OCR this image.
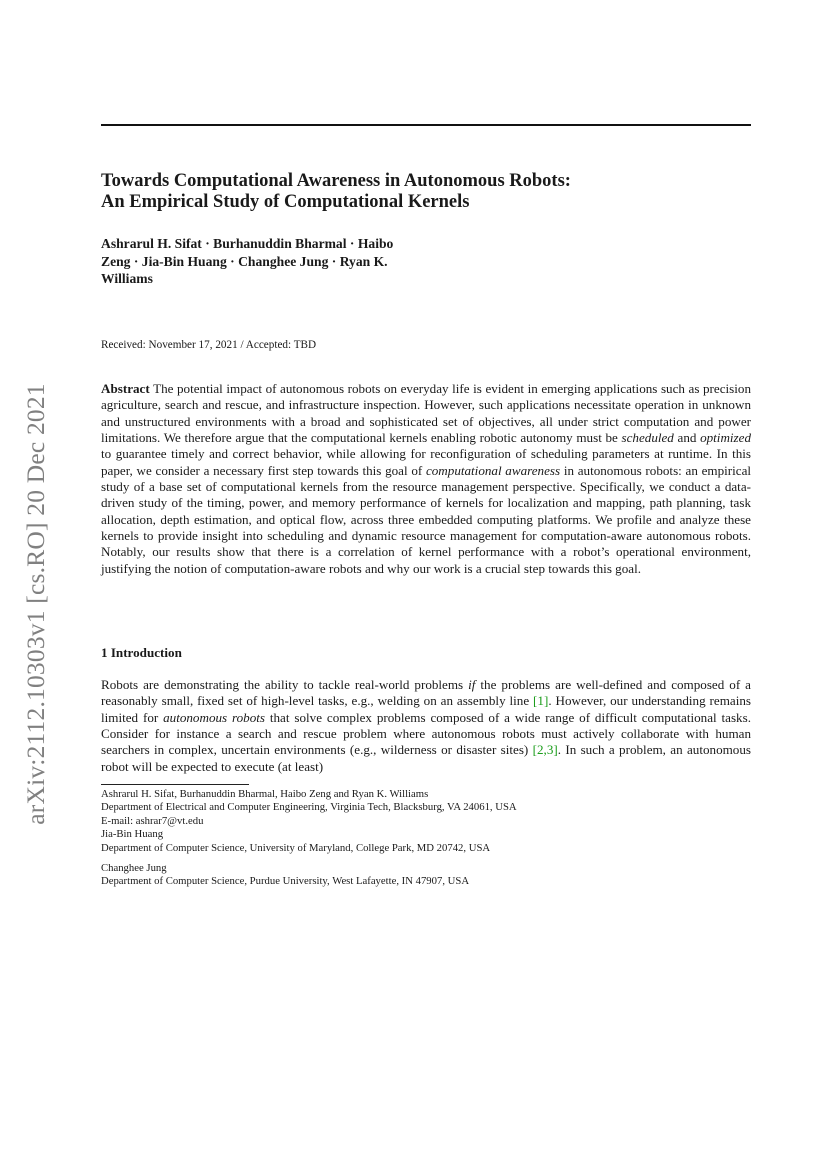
arXiv:2112.10303v1 [cs.RO] 20 Dec 2021
Towards Computational Awareness in Autonomous Robots:
An Empirical Study of Computational Kernels
Ashrarul H. Sifat · Burhanuddin Bharmal · Haibo
Zeng · Jia-Bin Huang · Changhee Jung · Ryan K.
Williams
Received: November 17, 2021 / Accepted: TBD
Abstract The potential impact of autonomous robots on everyday life is evident in emerging applications such as precision agriculture, search and rescue, and infrastructure inspection. However, such applications necessitate operation in unknown and unstructured environments with a broad and sophisticated set of objectives, all under strict computation and power limitations. We therefore argue that the computational kernels enabling robotic autonomy must be scheduled and optimized to guarantee timely and correct behavior, while allowing for reconfiguration of scheduling parameters at runtime. In this paper, we consider a necessary first step towards this goal of computational awareness in autonomous robots: an empirical study of a base set of computational kernels from the resource management perspective. Specifically, we conduct a data-driven study of the timing, power, and memory performance of kernels for localization and mapping, path planning, task allocation, depth estimation, and optical flow, across three embedded computing platforms. We profile and analyze these kernels to provide insight into scheduling and dynamic resource management for computation-aware autonomous robots. Notably, our results show that there is a correlation of kernel performance with a robot’s operational environment, justifying the notion of computation-aware robots and why our work is a crucial step towards this goal.
1 Introduction
Robots are demonstrating the ability to tackle real-world problems if the problems are well-defined and composed of a reasonably small, fixed set of high-level tasks, e.g., welding on an assembly line [1]. However, our understanding remains limited for autonomous robots that solve complex problems composed of a wide range of difficult computational tasks. Consider for instance a search and rescue problem where autonomous robots must actively collaborate with human searchers in complex, uncertain environments (e.g., wilderness or disaster sites) [2,3]. In such a problem, an autonomous robot will be expected to execute (at least)
Ashrarul H. Sifat, Burhanuddin Bharmal, Haibo Zeng and Ryan K. Williams
Department of Electrical and Computer Engineering, Virginia Tech, Blacksburg, VA 24061, USA
E-mail: ashrar7@vt.edu
Jia-Bin Huang
Department of Computer Science, University of Maryland, College Park, MD 20742, USA
Changhee Jung
Department of Computer Science, Purdue University, West Lafayette, IN 47907, USA
